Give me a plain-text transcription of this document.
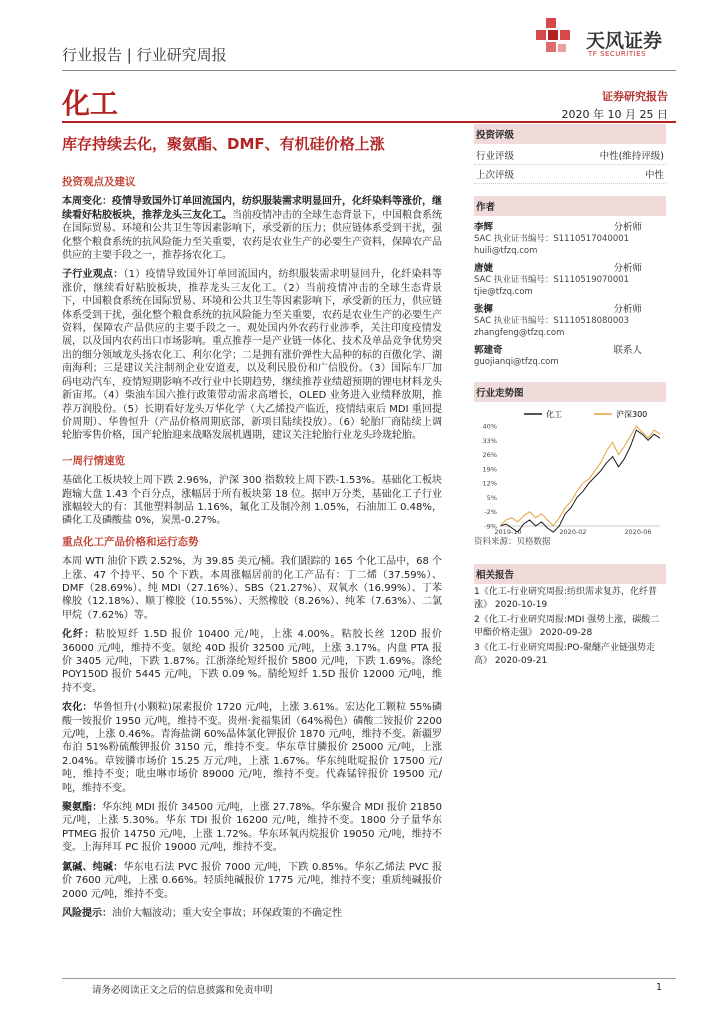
行业报告 | 行业研究周报
天风证券
TF SECURITIES
化工	证券研究报告
2020 年 10 月 25 日
库存持续去化，聚氨酯、DMF、有机硅价格上涨
投资观点及建议

本周变化：疫情导致国外订单回流国内，纺织服装需求明显回升，化纤染料等涨价，继续看好粘胶板块，推荐龙头三友化工。当前疫情冲击的全球生态背景下，中国粮食系统在国际贸易、环境和公共卫生等因素影响下，承受新的压力；供应链体系受到干扰，强化整个粮食系统的抗风险能力至关重要，农药是农业生产的必要生产资料，保障农产品供应的主要手段之一，推荐扬农化工。

子行业观点：（1）疫情导致国外订单回流国内，纺织服装需求明显回升，化纤染料等涨价，继续看好粘胶板块，推荐龙头三友化工。（2）当前疫情冲击的全球生态背景下，中国粮食系统在国际贸易、环境和公共卫生等因素影响下，承受新的压力，供应链体系受到干扰，强化整个粮食系统的抗风险能力至关重要，农药是农业生产的必要生产资料，保障农产品供应的主要手段之一。观处国内外农药行业涉季，关注印度疫情发展，以及国内农药出口市场影响。重点推荐一是产业链一体化、技术及单品竞争优势突出的细分领域龙头扬农化工、利尔化学；二是拥有涨价弹性大品种的标的百傲化学、湖南海利；三是建议关注制剂企业安道麦，以及利民股份和广信股份。（3）国际车厂加码电动汽车，疫情短期影响不改行业中长期趋势，继续推荐业绩超预期的锂电材料龙头新宙邦。（4）柴油车国六推行政策带动需求高增长，OLED 业务进入业绩释放期，推荐万润股份。（5）长期看好龙头万华化学（大乙烯投产临近，疫情结束后 MDI 重回提价周期）、华鲁恒升（产品价格周期底部，新项目陆续投放）。（6）轮胎厂商陆续上调轮胎零售价格，国产轮胎迎来战略发展机遇期，建议关注轮胎行业龙头玲珑轮胎。

一周行情速览

基础化工板块较上周下跌 2.96%，沪深 300 指数较上周下跌-1.53%。基础化工板块跑输大盘 1.43 个百分点，涨幅居于所有板块第 18 位。据申万分类，基础化工子行业涨幅较大的有：其他塑料制品 1.16%，氟化工及制冷剂 1.05%，石油加工 0.48%，磷化工及磷酸盐 0%，炭黑-0.27%。

重点化工产品价格和运行态势

本周 WTI 油价下跌 2.52%，为 39.85 美元/桶。我们跟踪的 165 个化工品中，68 个上涨、47 个持平、50 个下跌。本周涨幅居前的化工产品有：丁二烯（37.59%）、DMF（28.69%）、纯 MDI（27.16%）、SBS（21.27%）、双氧水（16.99%）、丁苯橡胶（12.18%）、顺丁橡胶（10.55%）、天然橡胶（8.26%）、纯苯（7.63%）、二氯甲烷（7.62%）等。

化纤：粘胶短纤 1.5D 报价 10400 元/吨，上涨 4.00%。粘胶长丝 120D 报价 36000 元/吨，维持不变。氨纶 40D 报价 32500 元/吨，上涨 3.17%。内盘 PTA 报价 3405 元/吨，下跌 1.87%。江浙涤纶短纤报价 5800 元/吨，下跌 1.69%。涤纶 POY150D 报价 5445 元/吨，下跌 0.09 %。腈纶短纤 1.5D 报价 12000 元/吨，维持不变。

农化：华鲁恒升(小颗粒)尿素报价 1720 元/吨，上涨 3.61%。宏达化工颗粒 55%磷酸一铵报价 1950 元/吨，维持不变。贵州·瓮福集团（64%褐色）磷酸二铵报价 2200 元/吨，上涨 0.46%。青海盐湖 60%晶体氯化钾报价 1870 元/吨，维持不变。新疆罗布泊 51%粉硫酸钾报价 3150 元，维持不变。华东草甘膦报价 25000 元/吨，上涨 2.04%。草铵膦市场价 15.25 万元/吨，上涨 1.67%。华东纯吡啶报价 17500 元/吨，维持不变；吡虫啉市场价 89000 元/吨，维持不变。代森锰锌报价 19500 元/吨，维持不变。

聚氨酯：华东纯 MDI 报价 34500 元/吨，上涨 27.78%。华东聚合 MDI 报价 21850 元/吨，上涨 5.30%。华东 TDI 报价 16200 元/吨，维持不变。1800 分子量华东 PTMEG 报价 14750 元/吨，上涨 1.72%。华东环氧丙烷报价 19050 元/吨，维持不变。上海拜耳 PC 报价 19000 元/吨，维持不变。

氯碱、纯碱：华东电石法 PVC 报价 7000 元/吨，下跌 0.85%。华东乙烯法 PVC 报价 7600 元/吨，上涨 0.66%。轻质纯碱报价 1775 元/吨，维持不变；重质纯碱报价 2000 元/吨，维持不变。

风险提示：油价大幅波动；重大安全事故；环保政策的不确定性

投资评级
行业评级	中性(维持评级)
上次评级	中性
作者
李辉	分析师
SAC 执业证书编号：S1110517040001
huili@tfzq.com
唐婕	分析师
SAC 执业证书编号：S1110519070001
tjie@tfzq.com
张樨	分析师
SAC 执业证书编号：S1110518080003
zhangfeng@tfzq.com
郭建奇	联系人
guojianqi@tfzq.com
行业走势图
化工	沪深300
40%
33%
26%
19%
12%
5%
-2%
-9%
2019-10	2020-02	2020-06
资料来源：贝格数据
相关报告
1《化工-行业研究周报:纺织需求复苏，化纤普涨》 2020-10-19
2《化工-行业研究周报:MDI 强势上涨，碳酸二甲酯价格走强》 2020-09-28
3《化工-行业研究周报:PO-聚醚产业链强势走高》 2020-09-21
请务必阅读正文之后的信息披露和免责申明	1
